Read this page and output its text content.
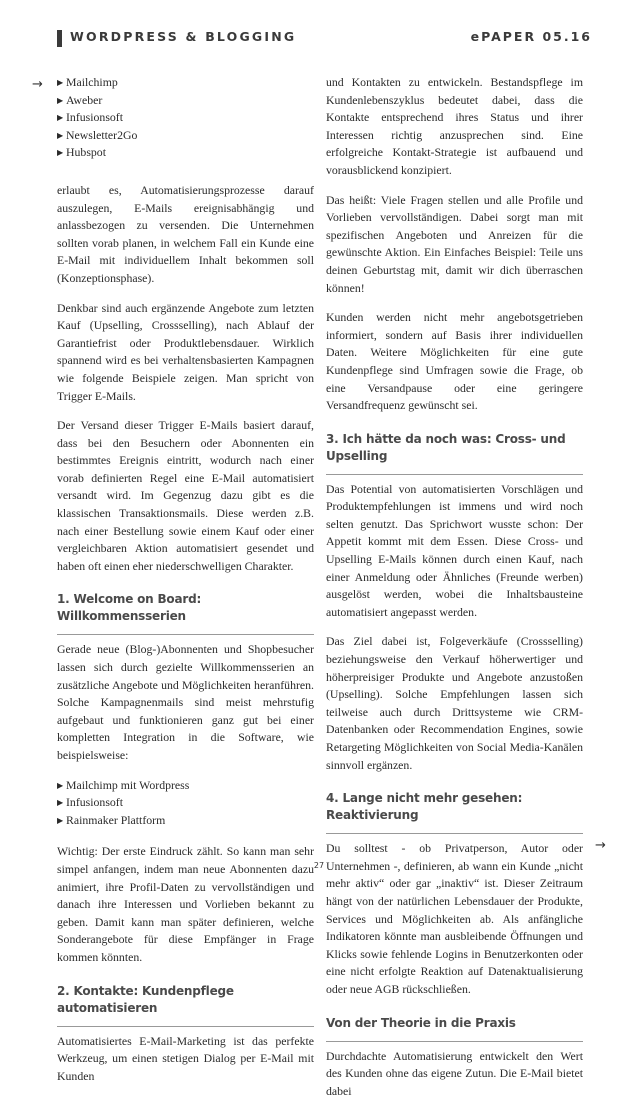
WORDPRESS & BLOGGING	ePAPER 05.16
→
→
▶ Mailchimp
▶ Aweber
▶ Infusionsoft
▶ Newsletter2Go
▶ Hubspot

erlaubt es, Automatisierungsprozesse darauf auszulegen, E-Mails ereignisabhängig und anlassbezogen zu versenden. Die Unternehmen sollten vorab planen, in welchem Fall ein Kunde eine E-Mail mit individuellem Inhalt bekommen soll (Konzeptionsphase).

Denkbar sind auch ergänzende Angebote zum letzten Kauf (Upselling, Crossselling), nach Ablauf der Garantiefrist oder Produktlebensdauer. Wirklich spannend wird es bei verhaltensbasierten Kampagnen wie folgende Beispiele zeigen. Man spricht von Trigger E-Mails.

Der Versand dieser Trigger E-Mails basiert darauf, dass bei den Besuchern oder Abonnenten ein bestimmtes Ereignis eintritt, wodurch nach einer vorab definierten Regel eine E-Mail automatisiert versandt wird. Im Gegenzug dazu gibt es die klassischen Transaktionsmails. Diese werden z.B. nach einer Bestellung sowie einem Kauf oder einer vergleichbaren Aktion automatisiert gesendet und haben oft einen eher niederschwelligen Charakter.

1. Welcome on Board: Willkommensserien

Gerade neue (Blog-)Abonnenten und Shopbesucher lassen sich durch gezielte Willkommensserien an zusätzliche Angebote und Möglichkeiten heranführen. Solche Kampagnenmails sind meist mehrstufig aufgebaut und funktionieren ganz gut bei einer kompletten Integration in die Software, wie beispielsweise:

▶ Mailchimp mit Wordpress
▶ Infusionsoft
▶ Rainmaker Plattform

Wichtig: Der erste Eindruck zählt. So kann man sehr simpel anfangen, indem man neue Abonnenten dazu animiert, ihre Profil-Daten zu vervollständigen und danach ihre Interessen und Vorlieben bekannt zu geben. Damit kann man später definieren, welche Sonderangebote für diese Empfänger in Frage kommen könnten.

2. Kontakte: Kundenpflege automatisieren

Automatisiertes E-Mail-Marketing ist das perfekte Werkzeug, um einen stetigen Dialog per E-Mail mit Kunden

und Kontakten zu entwickeln. Bestandspflege im Kundenlebenszyklus bedeutet dabei, dass die Kontakte entsprechend ihres Status und ihrer Interessen richtig anzusprechen sind. Eine erfolgreiche Kontakt-Strategie ist aufbauend und vorausblickend konzipiert.

Das heißt: Viele Fragen stellen und alle Profile und Vorlieben vervollständigen. Dabei sorgt man mit spezifischen Angeboten und Anreizen für die gewünschte Aktion. Ein Einfaches Beispiel: Teile uns deinen Geburtstag mit, damit wir dich überraschen können!

Kunden werden nicht mehr angebotsgetrieben informiert, sondern auf Basis ihrer individuellen Daten. Weitere Möglichkeiten für eine gute Kundenpflege sind Umfragen sowie die Frage, ob eine Versandpause oder eine geringere Versandfrequenz gewünscht sei.

3. Ich hätte da noch was: Cross- und Upselling

Das Potential von automatisierten Vorschlägen und Produktempfehlungen ist immens und wird noch selten genutzt. Das Sprichwort wusste schon: Der Appetit kommt mit dem Essen. Diese Cross- und Upselling E-Mails können durch einen Kauf, nach einer Anmeldung oder Ähnliches (Freunde werben) ausgelöst werden, wobei die Inhaltsbausteine automatisiert angepasst werden.

Das Ziel dabei ist, Folgeverkäufe (Crossselling) beziehungsweise den Verkauf höherwertiger und höherpreisiger Produkte und Angebote anzustoßen (Upselling). Solche Empfehlungen lassen sich teilweise auch durch Drittsysteme wie CRM-Datenbanken oder Recommendation Engines, sowie Retargeting Möglichkeiten von Social Media-Kanälen sinnvoll ergänzen.

4. Lange nicht mehr gesehen: Reaktivierung

Du solltest - ob Privatperson, Autor oder Unternehmen -, definieren, ab wann ein Kunde „nicht mehr aktiv“ oder gar „inaktiv“ ist. Dieser Zeitraum hängt von der natürlichen Lebensdauer der Produkte, Services und Möglichkeiten ab. Als anfängliche Indikatoren könnte man ausbleibende Öffnungen und Klicks sowie fehlende Logins in Benutzerkonten oder eine nicht erfolgte Reaktion auf Datenaktualisierung oder neue AGB rückschließen.

Von der Theorie in die Praxis

Durchdachte Automatisierung entwickelt den Wert des Kunden ohne das eigene Zutun. Die E-Mail bietet dabei

27
